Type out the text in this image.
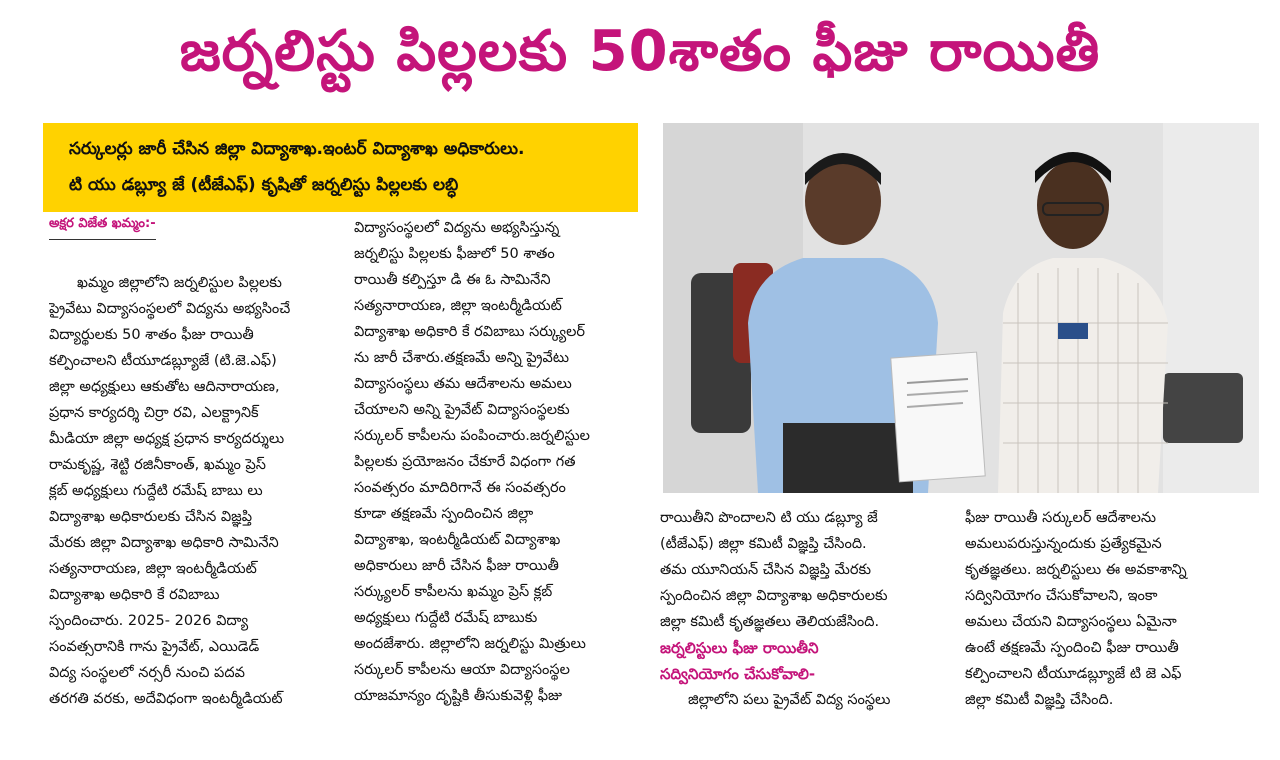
జర్నలిస్టు పిల్లలకు 50శాతం ఫీజు రాయితీ
సర్కులర్లు జారీ చేసిన జిల్లా విద్యాశాఖ.ఇంటర్ విద్యాశాఖ అధికారులు.
టి యు డబ్ల్యూ జే (టీజేఎఫ్) కృషితో జర్నలిస్టు పిల్లలకు లబ్ధి
అక్షర విజేత ఖమ్మం:-

ఖమ్మం జిల్లాలోని జర్నలిస్టుల పిల్లలకు

ప్రైవేటు విద్యాసంస్థలలో విద్యను అభ్యసించే

విద్యార్థులకు 50 శాతం ఫీజు రాయితీ

కల్పించాలని టీయూడబ్ల్యూజే (టి.జె.ఎఫ్)

జిల్లా అధ్యక్షులు ఆకుతోట ఆదినారాయణ,

ప్రధాన కార్యదర్శి చిర్రా రవి, ఎలక్ట్రానిక్

మీడియా జిల్లా అధ్యక్ష ప్రధాన కార్యదర్శులు

రామకృష్ణ, శెట్టి రజినీకాంత్, ఖమ్మం ప్రెస్

క్లబ్ అధ్యక్షులు గుద్దేటి రమేష్ బాబు లు

విద్యాశాఖ అధికారులకు చేసిన విజ్ఞప్తి

మేరకు జిల్లా విద్యాశాఖ అధికారి సామినేని

సత్యనారాయణ, జిల్లా ఇంటర్మీడియట్

విద్యాశాఖ అధికారి కే రవిబాబు

స్పందించారు. 2025- 2026 విద్యా

సంవత్సరానికి గాను ప్రైవేట్, ఎయిడెడ్

విద్య సంస్థలలో నర్సరీ నుంచి పదవ

తరగతి వరకు, అదేవిధంగా ఇంటర్మీడియట్

విద్యాసంస్థలలో విద్యను అభ్యసిస్తున్న

జర్నలిస్టు పిల్లలకు ఫీజులో 50 శాతం

రాయితీ కల్పిస్తూ డి ఈ ఓ సామినేని

సత్యనారాయణ, జిల్లా ఇంటర్మీడియట్

విద్యాశాఖ అధికారి కే రవిబాబు సర్క్యులర్

ను జారీ చేశారు.తక్షణమే అన్ని ప్రైవేటు

విద్యాసంస్థలు తమ ఆదేశాలను అమలు

చేయాలని అన్ని ప్రైవేట్ విద్యాసంస్థలకు

సర్కులర్ కాపీలను పంపించారు.జర్నలిస్టుల

పిల్లలకు ప్రయోజనం చేకూరే విధంగా గత

సంవత్సరం మాదిరిగానే ఈ సంవత్సరం

కూడా తక్షణమే స్పందించిన జిల్లా

విద్యాశాఖ, ఇంటర్మీడియట్ విద్యాశాఖ

అధికారులు జారీ చేసిన ఫీజు రాయితీ

సర్క్యులర్ కాపీలను ఖమ్మం ప్రెస్ క్లబ్

అధ్యక్షులు గుద్దేటి రమేష్ బాబుకు

అందజేశారు. జిల్లాలోని జర్నలిస్టు మిత్రులు

సర్కులర్ కాపీలను ఆయా విద్యాసంస్థల

యాజమాన్యం దృష్టికి తీసుకువెళ్లి ఫీజు

రాయితీని పొందాలని టి యు డబ్ల్యూ జే

(టీజేఎఫ్) జిల్లా కమిటీ విజ్ఞప్తి చేసింది.

తమ యూనియన్ చేసిన విజ్ఞప్తి మేరకు

స్పందించిన జిల్లా విద్యాశాఖ అధికారులకు

జిల్లా కమిటీ కృతజ్ఞతలు తెలియజేసింది.

జర్నలిస్టులు ఫీజు రాయితీని

సద్వినియోగం చేసుకోవాలి-

జిల్లాలోని పలు ప్రైవేట్ విద్య సంస్థలు

ఫీజు రాయితీ సర్కులర్ ఆదేశాలను

అమలుపరుస్తున్నందుకు ప్రత్యేకమైన

కృతజ్ఞతలు. జర్నలిస్టులు ఈ అవకాశాన్ని

సద్వినియోగం చేసుకోవాలని, ఇంకా

అమలు చేయని విద్యాసంస్థలు ఏమైనా

ఉంటే తక్షణమే స్పందించి ఫీజు రాయితీ

కల్పించాలని టీయూడబ్ల్యూజే టి జె ఎఫ్

జిల్లా కమిటీ విజ్ఞప్తి చేసింది.
